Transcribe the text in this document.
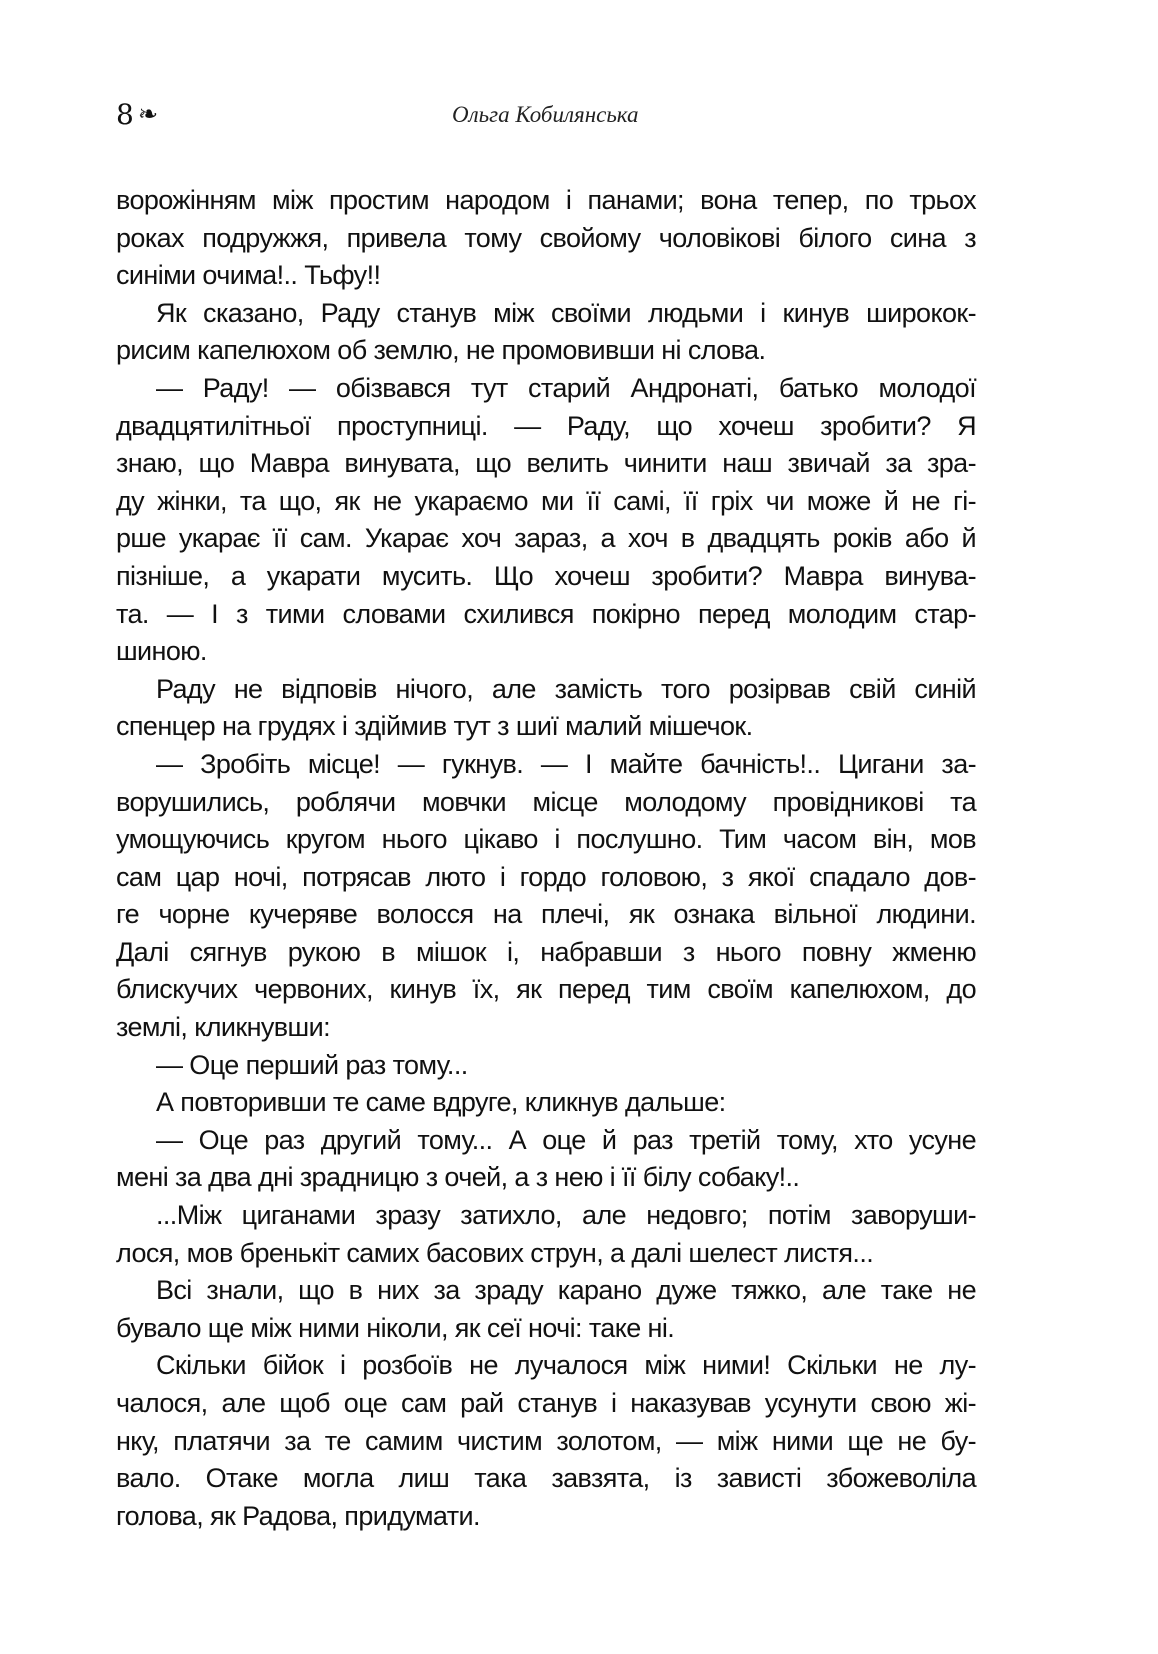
8 ❧	Ольга Кобилянська
ворожінням між простим народом і панами; вона тепер, по трьох
роках подружжя, привела тому свойому чоловікові білого сина з
синіми очима!.. Тьфу!!
Як сказано, Раду станув між своїми людьми і кинув широкок-
рисим капелюхом об землю, не промовивши ні слова.
— Раду! — обізвався тут старий Андронаті, батько молодої
двадцятилітньої проступниці. — Раду, що хочеш зробити? Я
знаю, що Мавра винувата, що велить чинити наш звичай за зра-
ду жінки, та що, як не укараємо ми її самі, її гріх чи може й не гі-
рше укарає її сам. Укарає хоч зараз, а хоч в двадцять років або й
пізніше, а укарати мусить. Що хочеш зробити? Мавра винува-
та. — І з тими словами схилився покірно перед молодим стар-
шиною.
Раду не відповів нічого, але замість того розірвав свій синій
спенцер на грудях і здіймив тут з шиї малий мішечок.
— Зробіть місце! — гукнув. — І майте бачність!.. Цигани за-
ворушились, роблячи мовчки місце молодому провідникові та
умощуючись кругом нього цікаво і послушно. Тим часом він, мов
сам цар ночі, потрясав люто і гордо головою, з якої спадало дов-
ге чорне кучеряве волосся на плечі, як ознака вільної людини.
Далі сягнув рукою в мішок і, набравши з нього повну жменю
блискучих червоних, кинув їх, як перед тим своїм капелюхом, до
землі, кликнувши:
— Оце перший раз тому...
А повторивши те саме вдруге, кликнув дальше:
— Оце раз другий тому... А оце й раз третій тому, хто усуне
мені за два дні зрадницю з очей, а з нею і її білу собаку!..
...Між циганами зразу затихло, але недовго; потім заворуши-
лося, мов бренькіт самих басових струн, а далі шелест листя...
Всі знали, що в них за зраду карано дуже тяжко, але таке не
бувало ще між ними ніколи, як сеї ночі: таке ні.
Скільки бійок і розбоїв не лучалося між ними! Скільки не лу-
чалося, але щоб оце сам рай станув і наказував усунути свою жі-
нку, платячи за те самим чистим золотом, — між ними ще не бу-
вало. Отаке могла лиш така завзята, із зависті збожеволіла
голова, як Радова, придумати.
